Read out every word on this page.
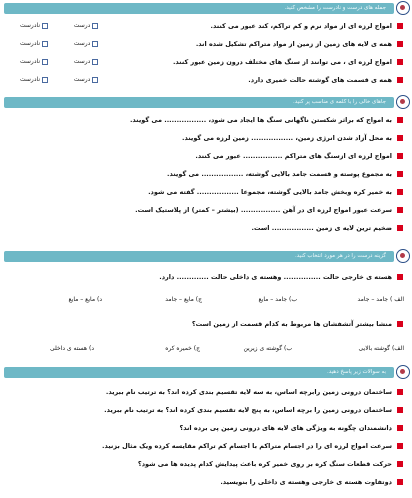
جمله های درست و نادرست را مشخص کنید.
امواج لرزه ای از مواد نرم و کم تراکم، کند عبور می کنند.
درست  نادرست
همه ی لایه های زمین از زمین از مواد متراکم تشکیل شده اند.
درست  نادرست
امواج لرزه ای ، می توانند از سنگ های مختلف درون زمین عبور کنند.
درست  نادرست
همه ی قسمت های گوشته حالت خمیری دارد.
درست  نادرست
جاهای خالی را با کلمه ی مناسب پر کنید.
به امواج که براثر شکستن ناگهانی سنگ ها ایجاد می شود، ................. می گویند.
به محل آزاد شدن انرژی زمین، ................. زمین لرزه می گویند.
امواج لرزه ای ازسنگ های متراکم ................ عبور می کنند.
به مجموع پوسته و قسمت جامد بالایی گوشته، ................. می گویند.
به خمیر کره وبخش جامد بالایی گوشته، مجموعا ................. گفته می شود.
سرعت عبور امواج لرزه ای در آهن ................ (بیشتر – کمتر) از پلاستیک است.
ضخیم ترین لایه ی زمین ................. است.
گزینه درست را در هر مورد انتخاب کنید.
هسته ی خارجی حالت ............... وهسته ی داخلی حالت ............. دارد.
الف ) جامد – جامد
ب) جامد – مایع
ج) مایع – جامد
د) مایع – مایع
منشا بیشتر آتشفشان ها مربوط به کدام قسمت از زمین است؟
الف) گوشته بالایی
ب) گوشته ی زیرین
ج) خمیره کره
د) هسته ی داخلی
به سوالات زیر پاسخ دهید.
ساختمان درونی زمین رابرچه اساس، به سه لایه تقسیم بندی کرده اند؟ به ترتیب نام ببرید.
ساختمان درونی زمین را برچه اساس، به پنج لایه تقسیم بندی کرده اند؟ به ترتیب نام ببرید.
دانشمندان چگونه به ویژگی های لایه های درونی زمین پی برده اند؟
سرعت امواج لرزه ای را در اجسام متراکم با اجسام کم تراکم مقایسه کرده ویک مثال بزنید.
حرکت قطعات سنگ کره بر روی خمیر کره باعث پیدایش کدام پدیده ها می شود؟
دوتفاوت هسته ی خارجی وهسته ی داخلی را بنویسید.
